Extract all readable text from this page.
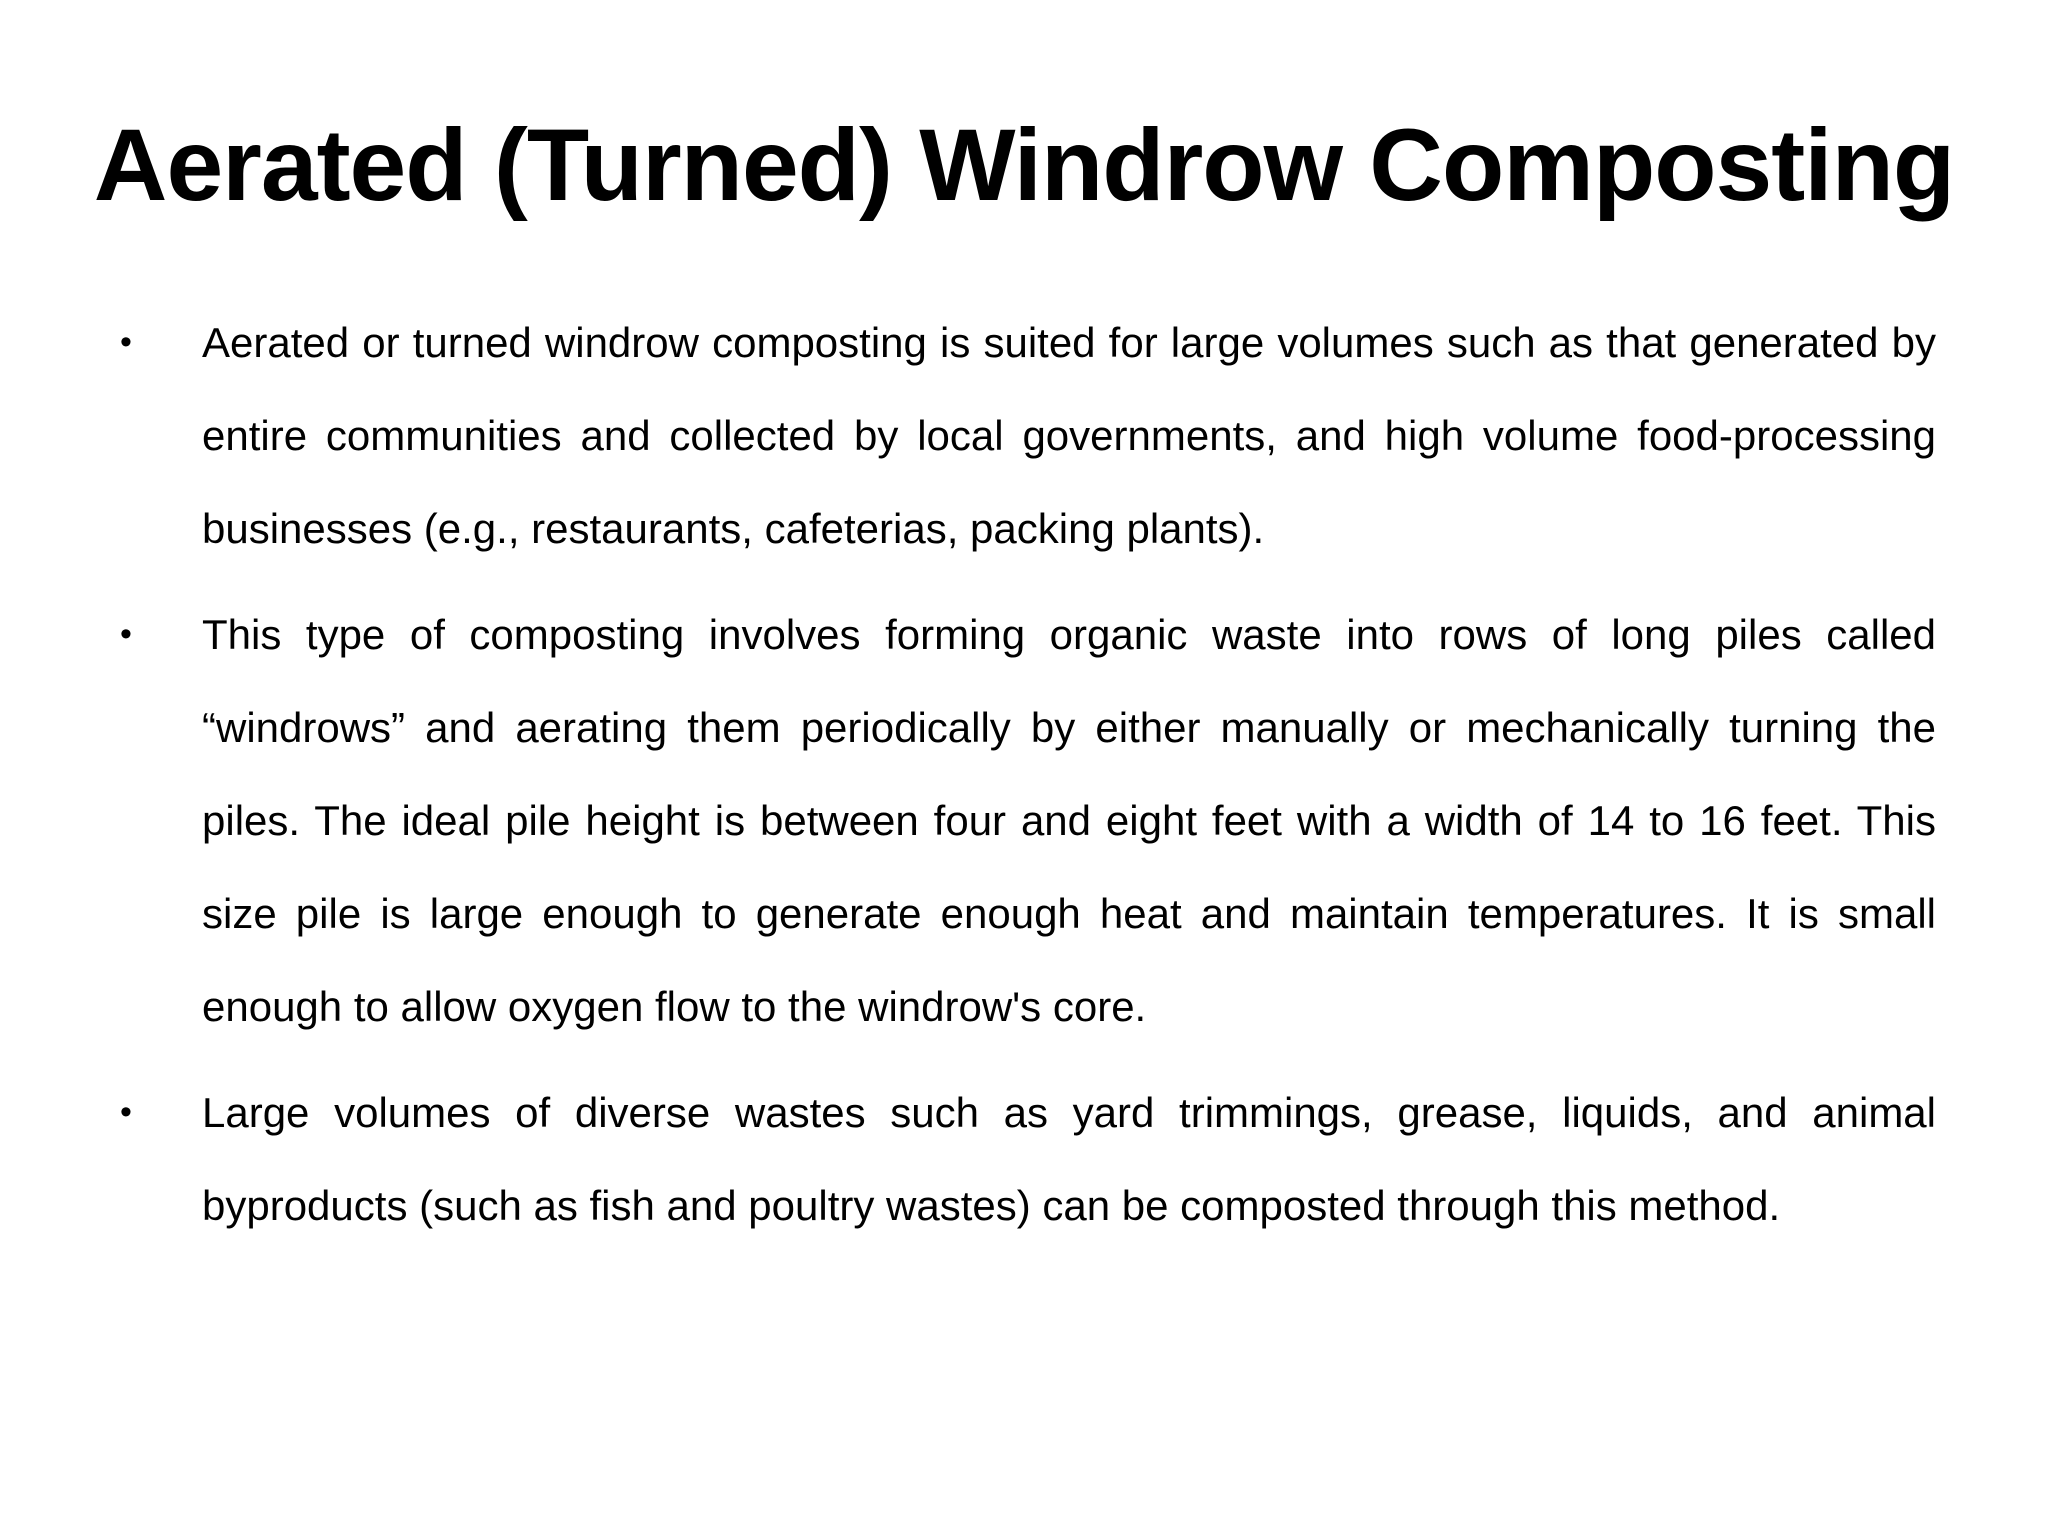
Aerated (Turned) Windrow Composting
• Aerated or turned windrow composting is suited for large volumes such as that generated by entire communities and collected by local governments, and high volume food-processing businesses (e.g., restaurants, cafeterias, packing plants).
• This type of composting involves forming organic waste into rows of long piles called “windrows” and aerating them periodically by either manually or mechanically turning the piles. The ideal pile height is between four and eight feet with a width of 14 to 16 feet. This size pile is large enough to generate enough heat and maintain temperatures. It is small enough to allow oxygen flow to the windrow's core.
• Large volumes of diverse wastes such as yard trimmings, grease, liquids, and animal byproducts (such as fish and poultry wastes) can be composted through this method.
